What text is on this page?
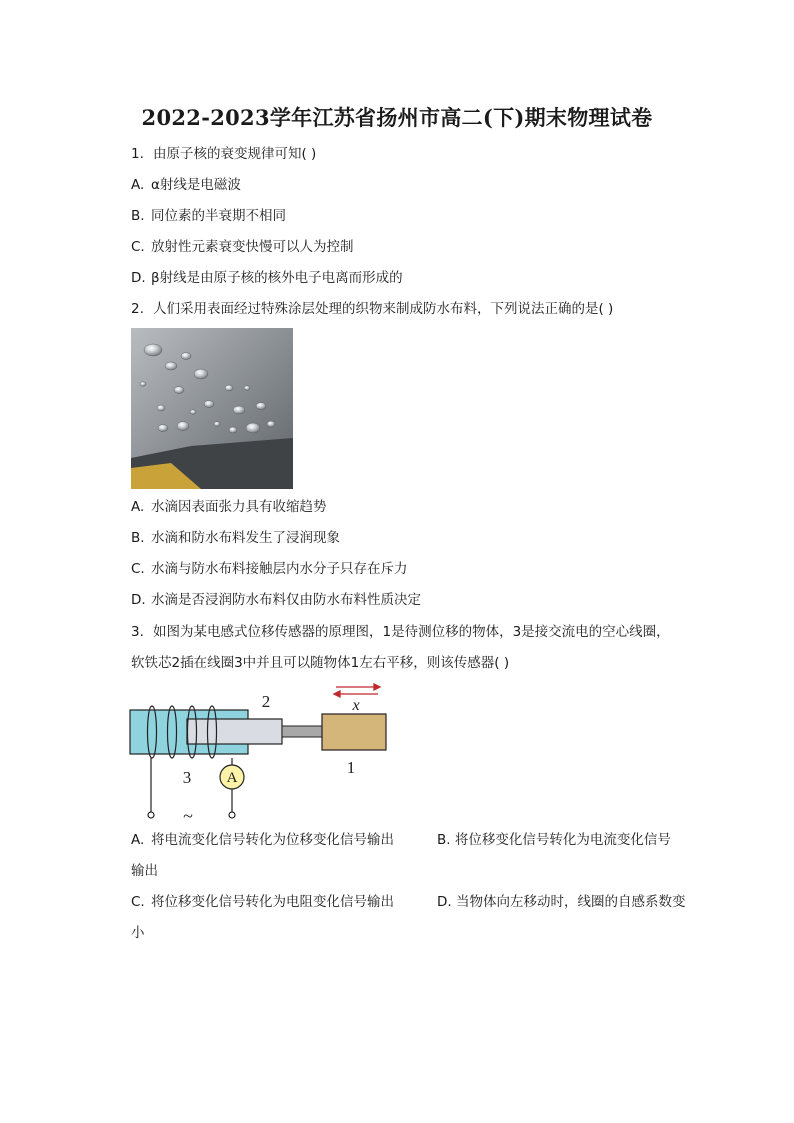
2022-2023学年江苏省扬州市高二(下)期末物理试卷
1. 由原子核的衰变规律可知( )
A. α射线是电磁波
B. 同位素的半衰期不相同
C. 放射性元素衰变快慢可以人为控制
D. β射线是由原子核的核外电子电离而形成的
2. 人们采用表面经过特殊涂层处理的织物来制成防水布料，下列说法正确的是( )
A. 水滴因表面张力具有收缩趋势
B. 水滴和防水布料发生了浸润现象
C. 水滴与防水布料接触层内水分子只存在斥力
D. 水滴是否浸润防水布料仅由防水布料性质决定
3. 如图为某电感式位移传感器的原理图，1是待测位移的物体，3是接交流电的空心线圈，
软铁芯2插在线圈3中并且可以随物体1左右平移，则该传感器( )
A
2
1
3
~
x
A. 将电流变化信号转化为位移变化信号输出	B. 将位移变化信号转化为电流变化信号
输出
C. 将位移变化信号转化为电阻变化信号输出	D. 当物体向左移动时，线圈的自感系数变
小
